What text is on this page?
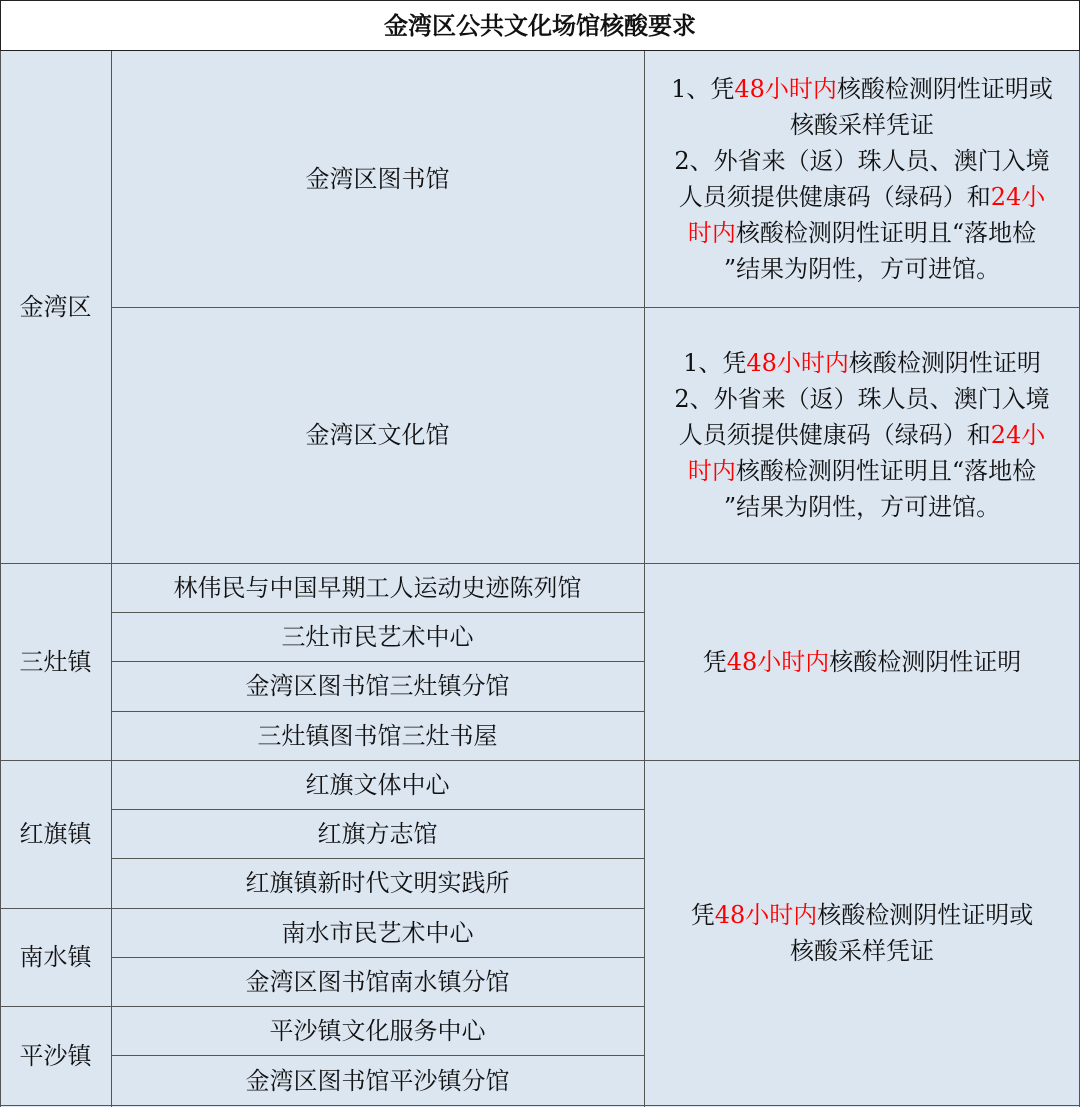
金湾区公共文化场馆核酸要求
金湾区
三灶镇
红旗镇
南水镇
平沙镇
金湾区图书馆
金湾区文化馆
林伟民与中国早期工人运动史迹陈列馆
三灶市民艺术中心
金湾区图书馆三灶镇分馆
三灶镇图书馆三灶书屋
红旗文体中心
红旗方志馆
红旗镇新时代文明实践所
南水市民艺术中心
金湾区图书馆南水镇分馆
平沙镇文化服务中心
金湾区图书馆平沙镇分馆
1、凭48小时内核酸检测阴性证明或
核酸采样凭证
2、外省来（返）珠人员、澳门入境
人员须提供健康码（绿码）和24小
时内核酸检测阴性证明且“落地检
”结果为阴性，方可进馆。
1、凭48小时内核酸检测阴性证明
2、外省来（返）珠人员、澳门入境
人员须提供健康码（绿码）和24小
时内核酸检测阴性证明且“落地检
”结果为阴性，方可进馆。
凭48小时内核酸检测阴性证明
凭48小时内核酸检测阴性证明或
核酸采样凭证
